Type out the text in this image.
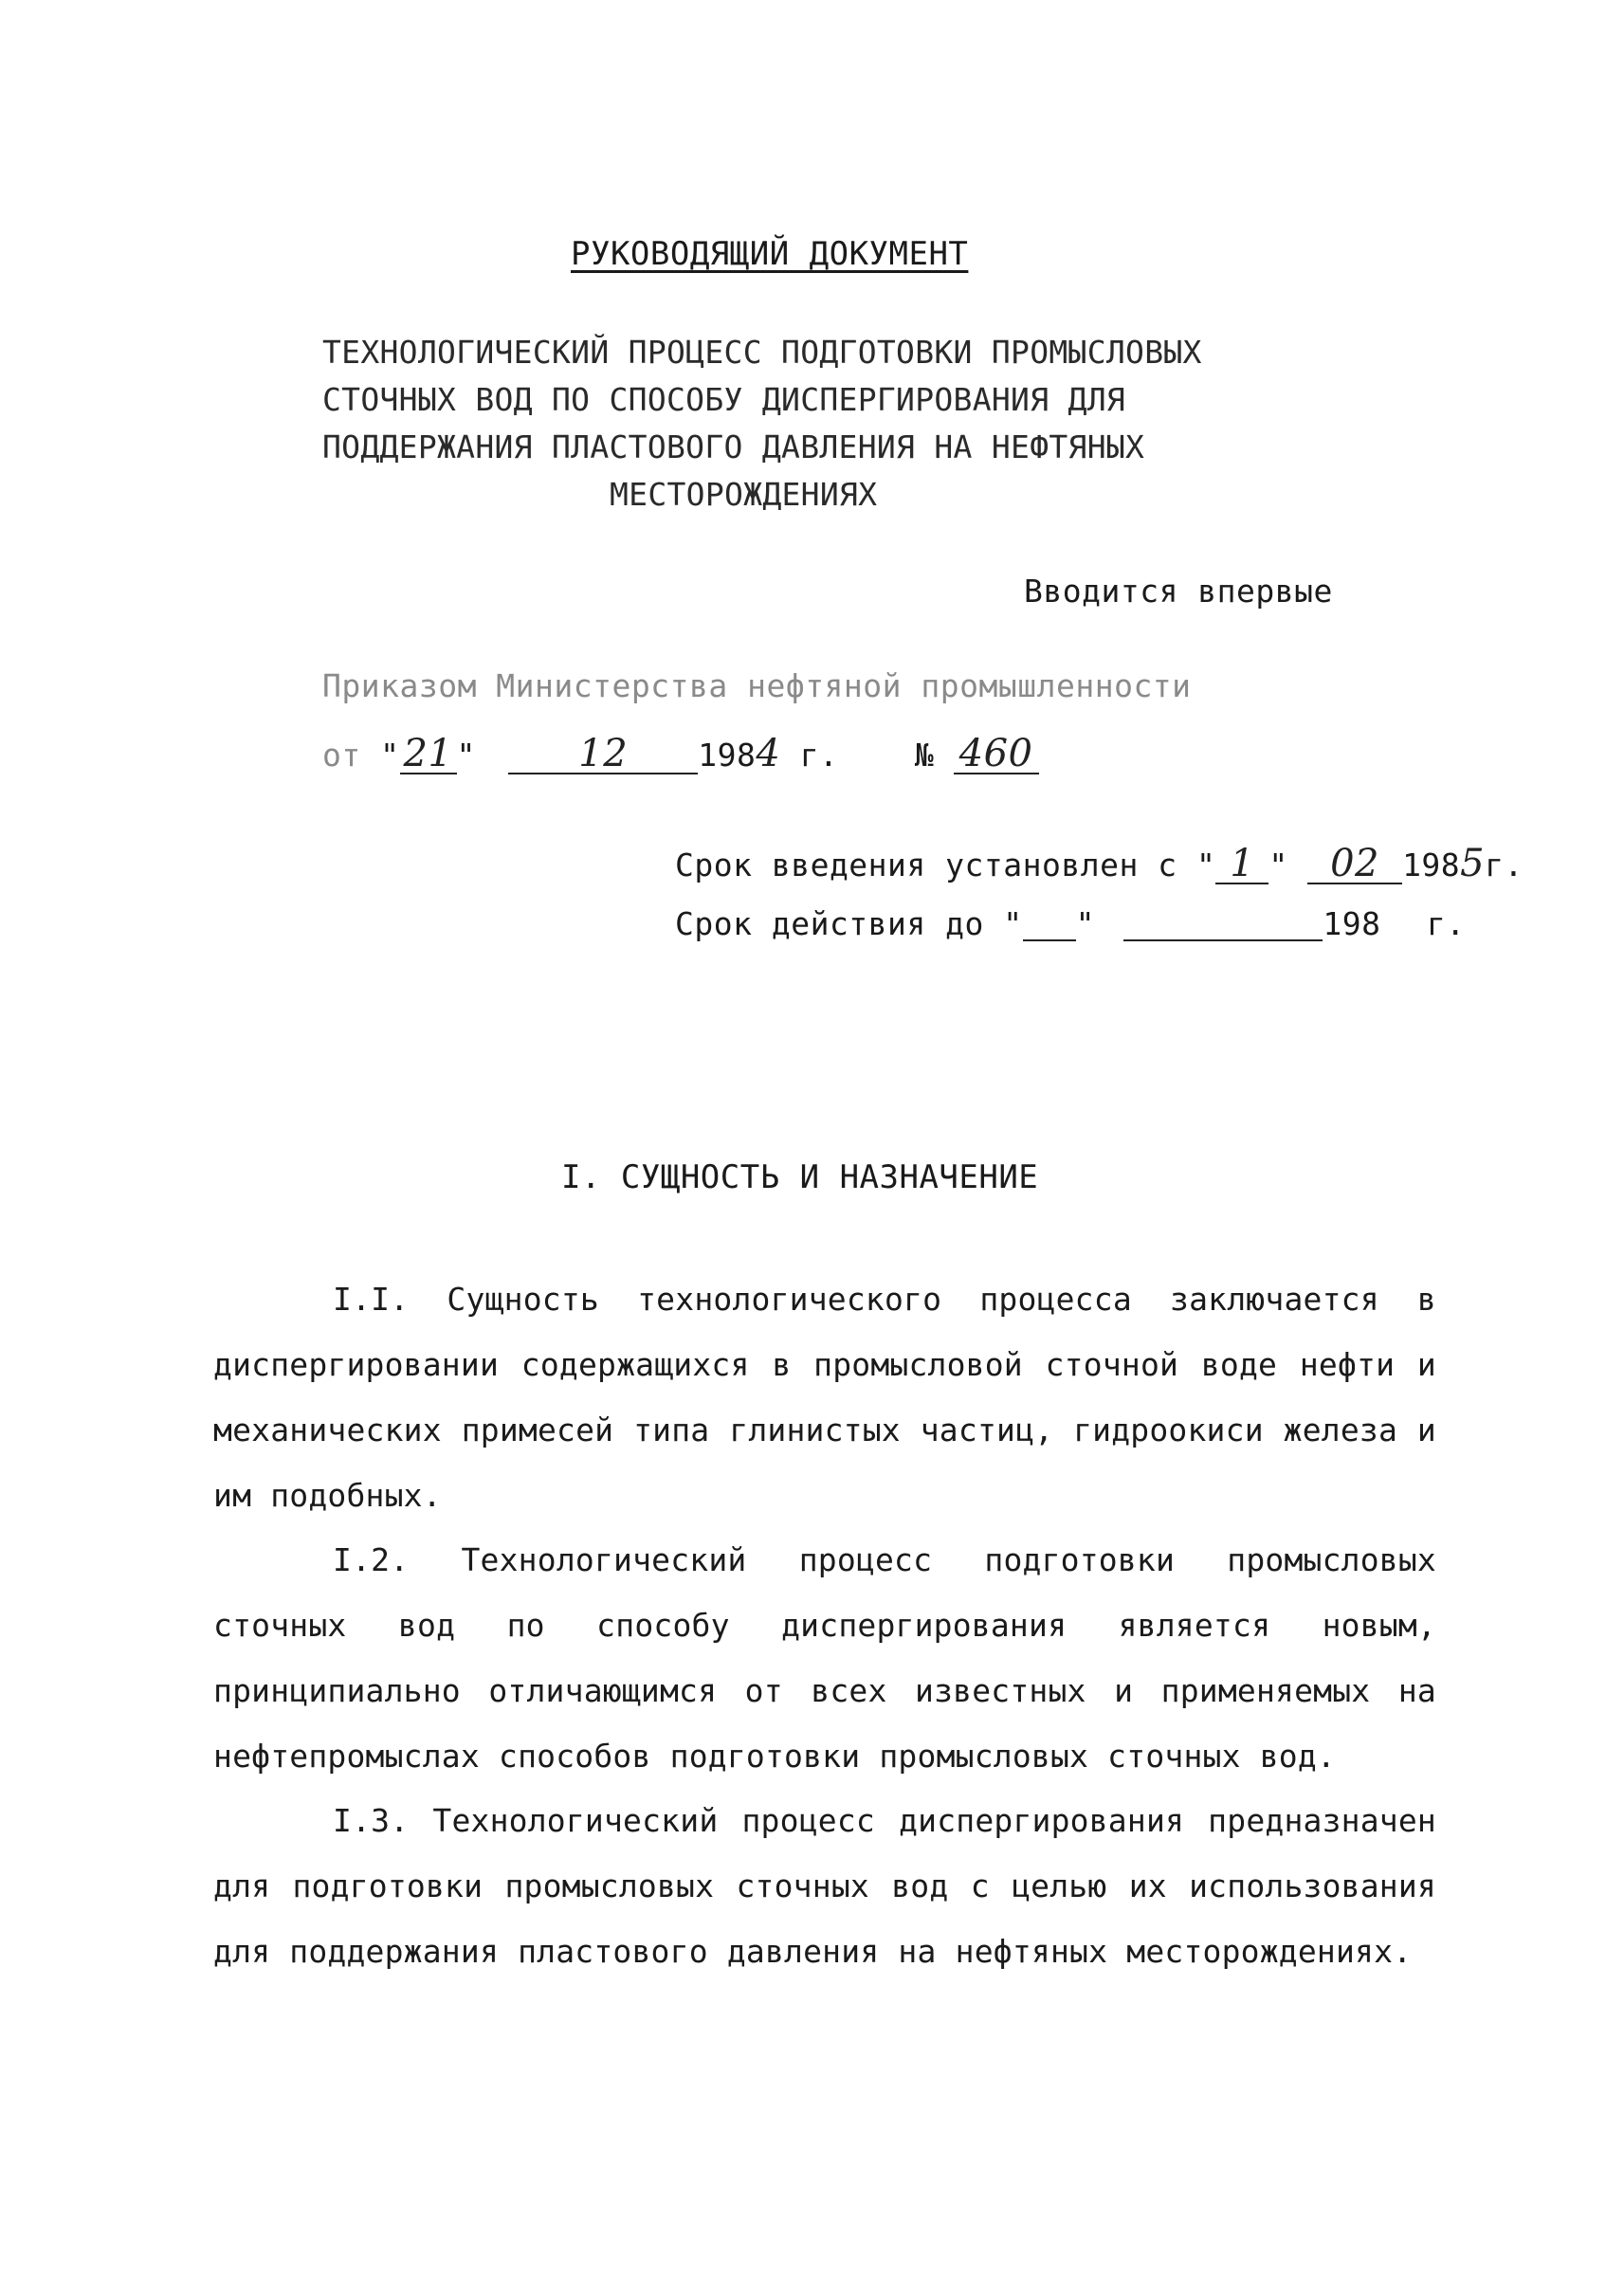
РУКОВОДЯЩИЙ ДОКУМЕНТ
ТЕХНОЛОГИЧЕСКИЙ ПРОЦЕСС ПОДГОТОВКИ ПРОМЫСЛОВЫХ
СТОЧНЫХ ВОД ПО СПОСОБУ ДИСПЕРГИРОВАНИЯ ДЛЯ
ПОДДЕРЖАНИЯ ПЛАСТОВОГО ДАВЛЕНИЯ НА НЕФТЯНЫХ
МЕСТОРОЖДЕНИЯХ
Вводится впервые
Приказом Министерства нефтяной промышленности
от " 21 "	12 1984 г. № 460
Срок введения установлен с " 1 " 02 1985г.
Срок действия до " "	198 г.
I. СУЩНОСТЬ И НАЗНАЧЕНИЕ

I.I. Сущность технологического процесса заключается в диспергировании содержащихся в промысловой сточной воде нефти и механических примесей типа глинистых частиц, гидроокиси железа и им подобных.

I.2. Технологический процесс подготовки промысловых сточных вод по способу диспергирования является новым, принципиально отличающимся от всех известных и применяемых на нефтепромыслах способов подготовки промысловых сточных вод.

I.3. Технологический процесс диспергирования предназначен для подготовки промысловых сточных вод с целью их использования для поддержания пластового давления на нефтяных месторождениях.
